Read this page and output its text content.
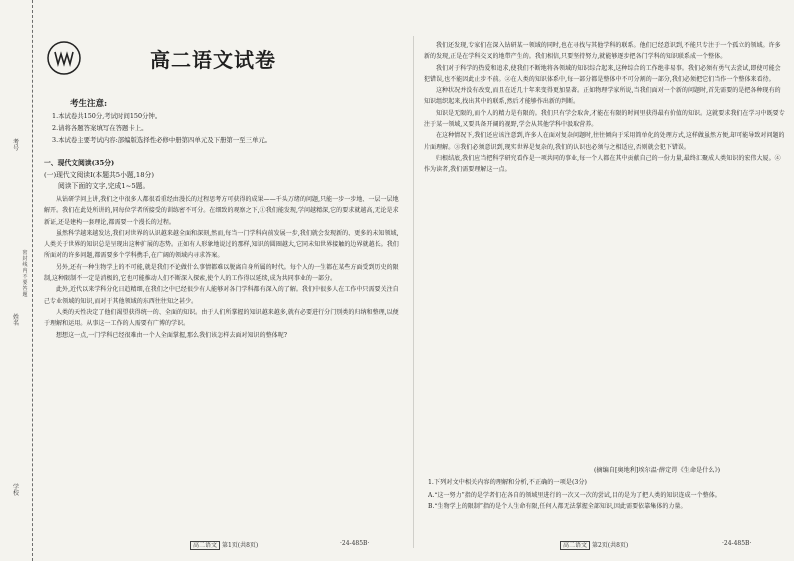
考号
姓名
学校
密 封 线 内 不 要 答 题
高二语文试卷
考生注意:

1.本试卷共150分,考试时间150分钟。

2.请将各题答案填写在答题卡上。

3.本试卷主要考试内容:部编版选择性必修中册第四单元及下册第一至三单元。

一、现代文阅读(35分)
(一)现代文阅读Ⅰ(本题共5小题,18分)
阅读下面的文字,完成1~5题。

从钻研学问上讲,我们之中很多人都很看重经由漫长的过程思考方可获得的成果——千头万绪的问题,只能一步一步地、一层一层地解开。我们在此处所讲的,同每位学者所接受的训练密不可分。在细致的观察之下,①我们能发现,学问越精深,它的要求就越高,无论是求新证,还是建构一套理论,都需要一个漫长的过程。

虽然科学越来越发达,我们对世界的认识越来越全面和深刻,然而,每当一门学科向前发展一步,我们就会发现新的、更多的未知领域,人类关于世界的知识总是呈现出这种扩展的态势。正如有人形象地说过的那样,知识的圆圈越大,它同未知世界接触的边界就越长。我们所面对的许多问题,都需要多个学科携手,在广阔的领域内寻求答案。

另外,还有一种生物学上的不可能,就是我们不论做什么事情都难以脱离自身所属的时代。每个人的一生都在某些方面受到历史的限制,这种限制不一定是消极的,它也可能推动人们不断深入探索,使个人的工作得以延续,成为共同事业的一部分。

此外,近代以来学科分化日趋精细,在我们之中已经很少有人能够对各门学科都有深入的了解。我们中很多人在工作中只需要关注自己专业领域的知识,而对于其他领域的东西往往知之甚少。

人类的天性决定了他们渴望获得统一的、全面的知识。由于人们所掌握的知识越来越多,就有必要进行分门别类的归纳和整理,以便于理解和运用。从事这一工作的人需要有广博的学识。

想想这一点,一门学科已经很难由一个人全面掌握,那么我们该怎样去面对知识的整体呢?

高二语文 第1页(共8页)	·24-485B·

我们还发现,专家们在深入钻研某一领域的同时,也在寻找与其他学科的联系。他们已经意识到,不能只专注于一个孤立的领域。许多新的发现,正是在学科交叉的地带产生的。我们相信,只要坚持努力,就能够逐步把各门学科的知识联系成一个整体。

我们对于科学的热爱和追求,使我们不断地将各领域的知识综合起来,这种综合的工作绝非易事。我们必须有勇气去尝试,即使可能会犯错误,也不能因此止步不前。②在人类的知识体系中,每一部分都是整体中不可分割的一部分,我们必须把它们当作一个整体来看待。

这种状况并没有改变,而且在近几十年来变得更加显著。正如物理学家所说,当我们面对一个新的问题时,首先需要的是把各种现有的知识组织起来,找出其中的联系,然后才能够作出新的判断。

知识是无限的,而个人的精力是有限的。我们只有学会取舍,才能在有限的时间里获得最有价值的知识。这就要求我们在学习中既要专注于某一领域,又要具备开阔的视野,学会从其他学科中汲取营养。

在这种情况下,我们还应该注意到,许多人在面对复杂问题时,往往倾向于采用简单化的处理方式,这样做虽然方便,却可能导致对问题的片面理解。③我们必须意识到,现实世界是复杂的,我们的认识也必须与之相适应,否则就会犯下错误。

归根结底,我们应当把科学研究看作是一项共同的事业,每一个人都在其中贡献自己的一份力量,最终汇聚成人类知识的宏伟大厦。④作为读者,我们需要理解这一点。

(摘编自[奥地利]埃尔温·薛定谔《生命是什么》)
1.下列对文中相关内容的理解和分析,不正确的一项是(3分)

A.“这一努力”指的是学者们在各自的领域里进行的一次又一次的尝试,目的是为了把人类的知识连成一个整体。

B.“生物学上的限制”指的是个人生命有限,任何人都无法掌握全部知识,因此需要依靠集体的力量。

高二语文 第2页(共8页)	·24-485B·
